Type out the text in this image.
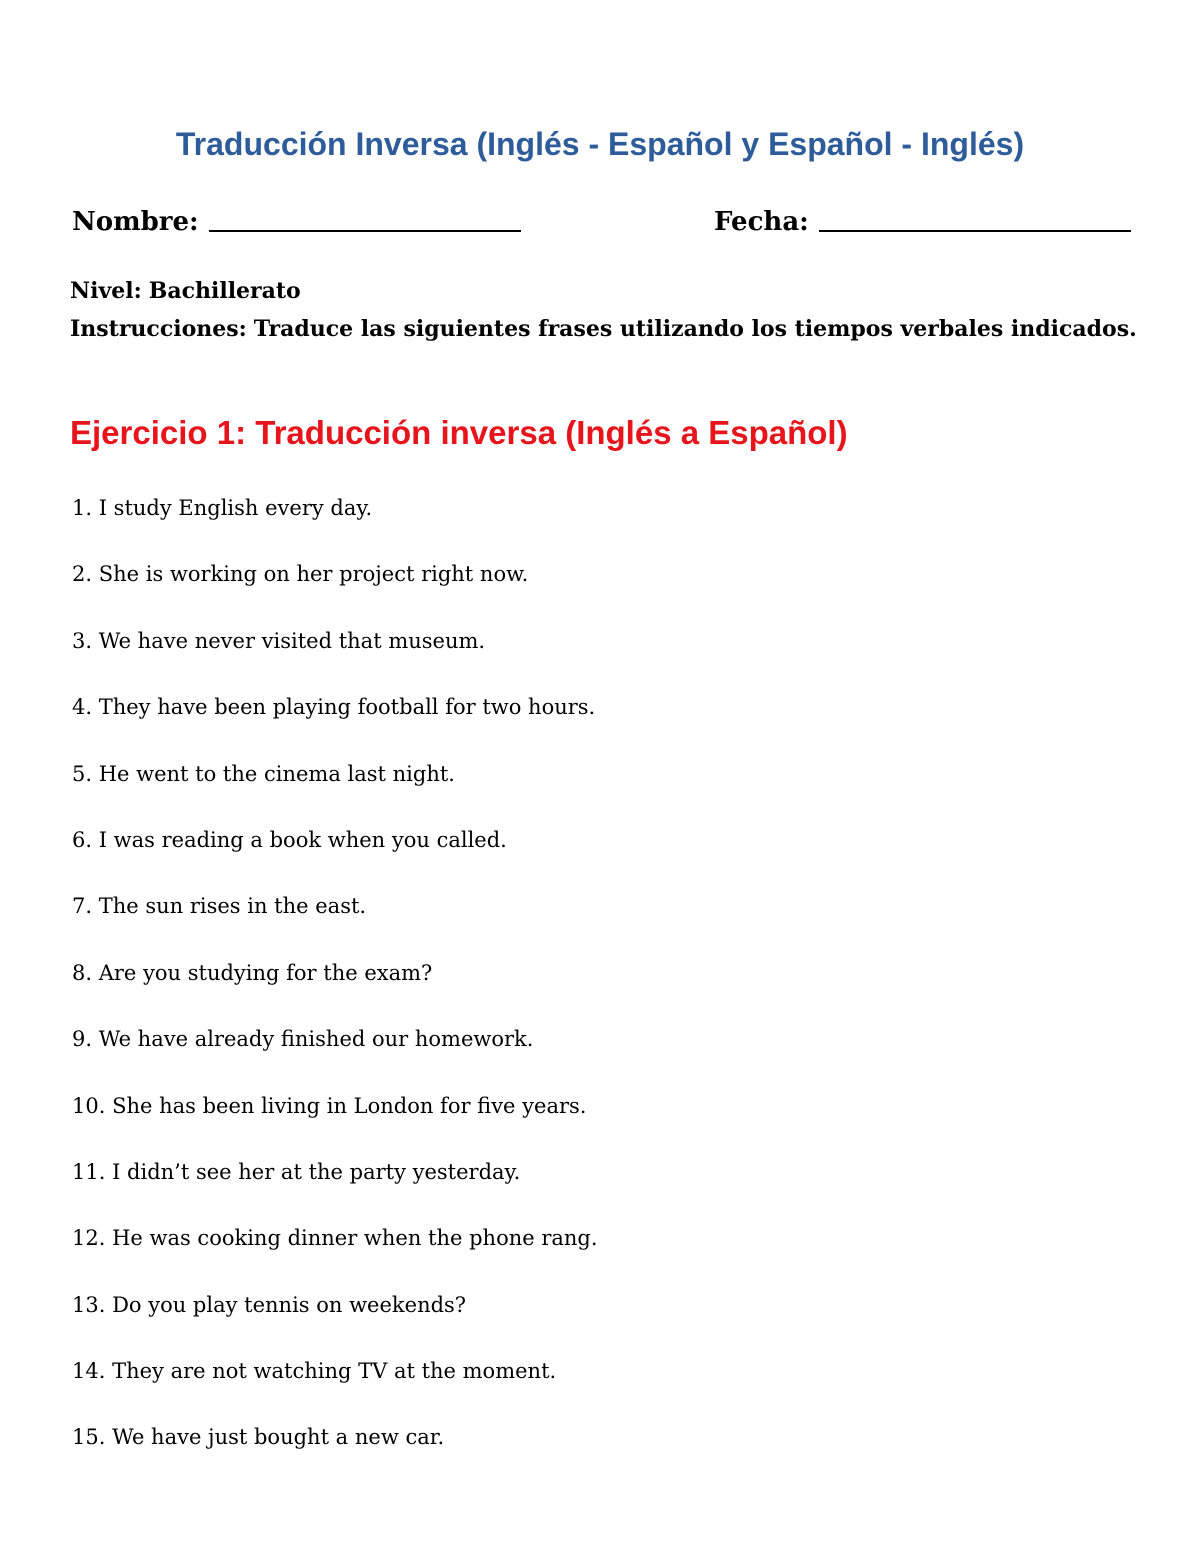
Traducción Inversa (Inglés - Español y Español - Inglés)
Nombre:	Fecha:
Nivel: Bachillerato
Instrucciones: Traduce las siguientes frases utilizando los tiempos verbales indicados.
Ejercicio 1: Traducción inversa (Inglés a Español)
1. I study English every day.
2. She is working on her project right now.
3. We have never visited that museum.
4. They have been playing football for two hours.
5. He went to the cinema last night.
6. I was reading a book when you called.
7. The sun rises in the east.
8. Are you studying for the exam?
9. We have already finished our homework.
10. She has been living in London for five years.
11. I didn’t see her at the party yesterday.
12. He was cooking dinner when the phone rang.
13. Do you play tennis on weekends?
14. They are not watching TV at the moment.
15. We have just bought a new car.
